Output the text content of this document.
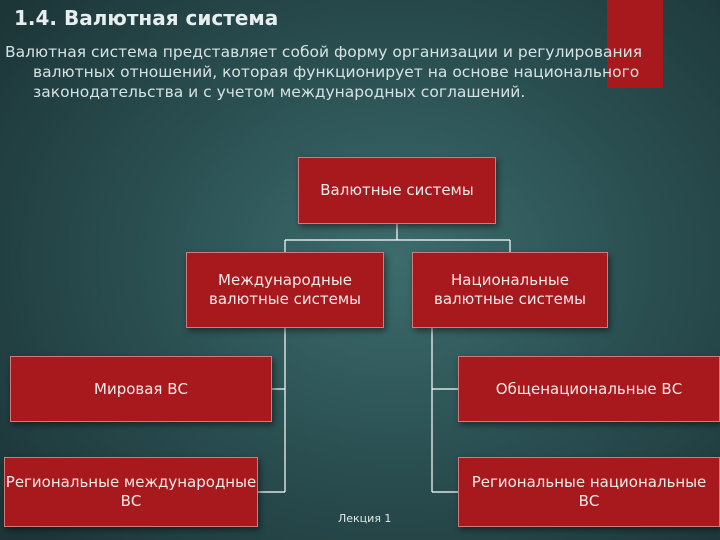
1.4. Валютная система

Валютная система представляет собой форму организации и регулирования валютных отношений, которая функционирует на основе национального законодательства и с учетом международных соглашений.

Валютные системы
Международные валютные системы
Национальные валютные системы
Мировая ВС	Общенациональные ВС
Региональные международные ВС
Региональные национальные ВС
Лекция 1
